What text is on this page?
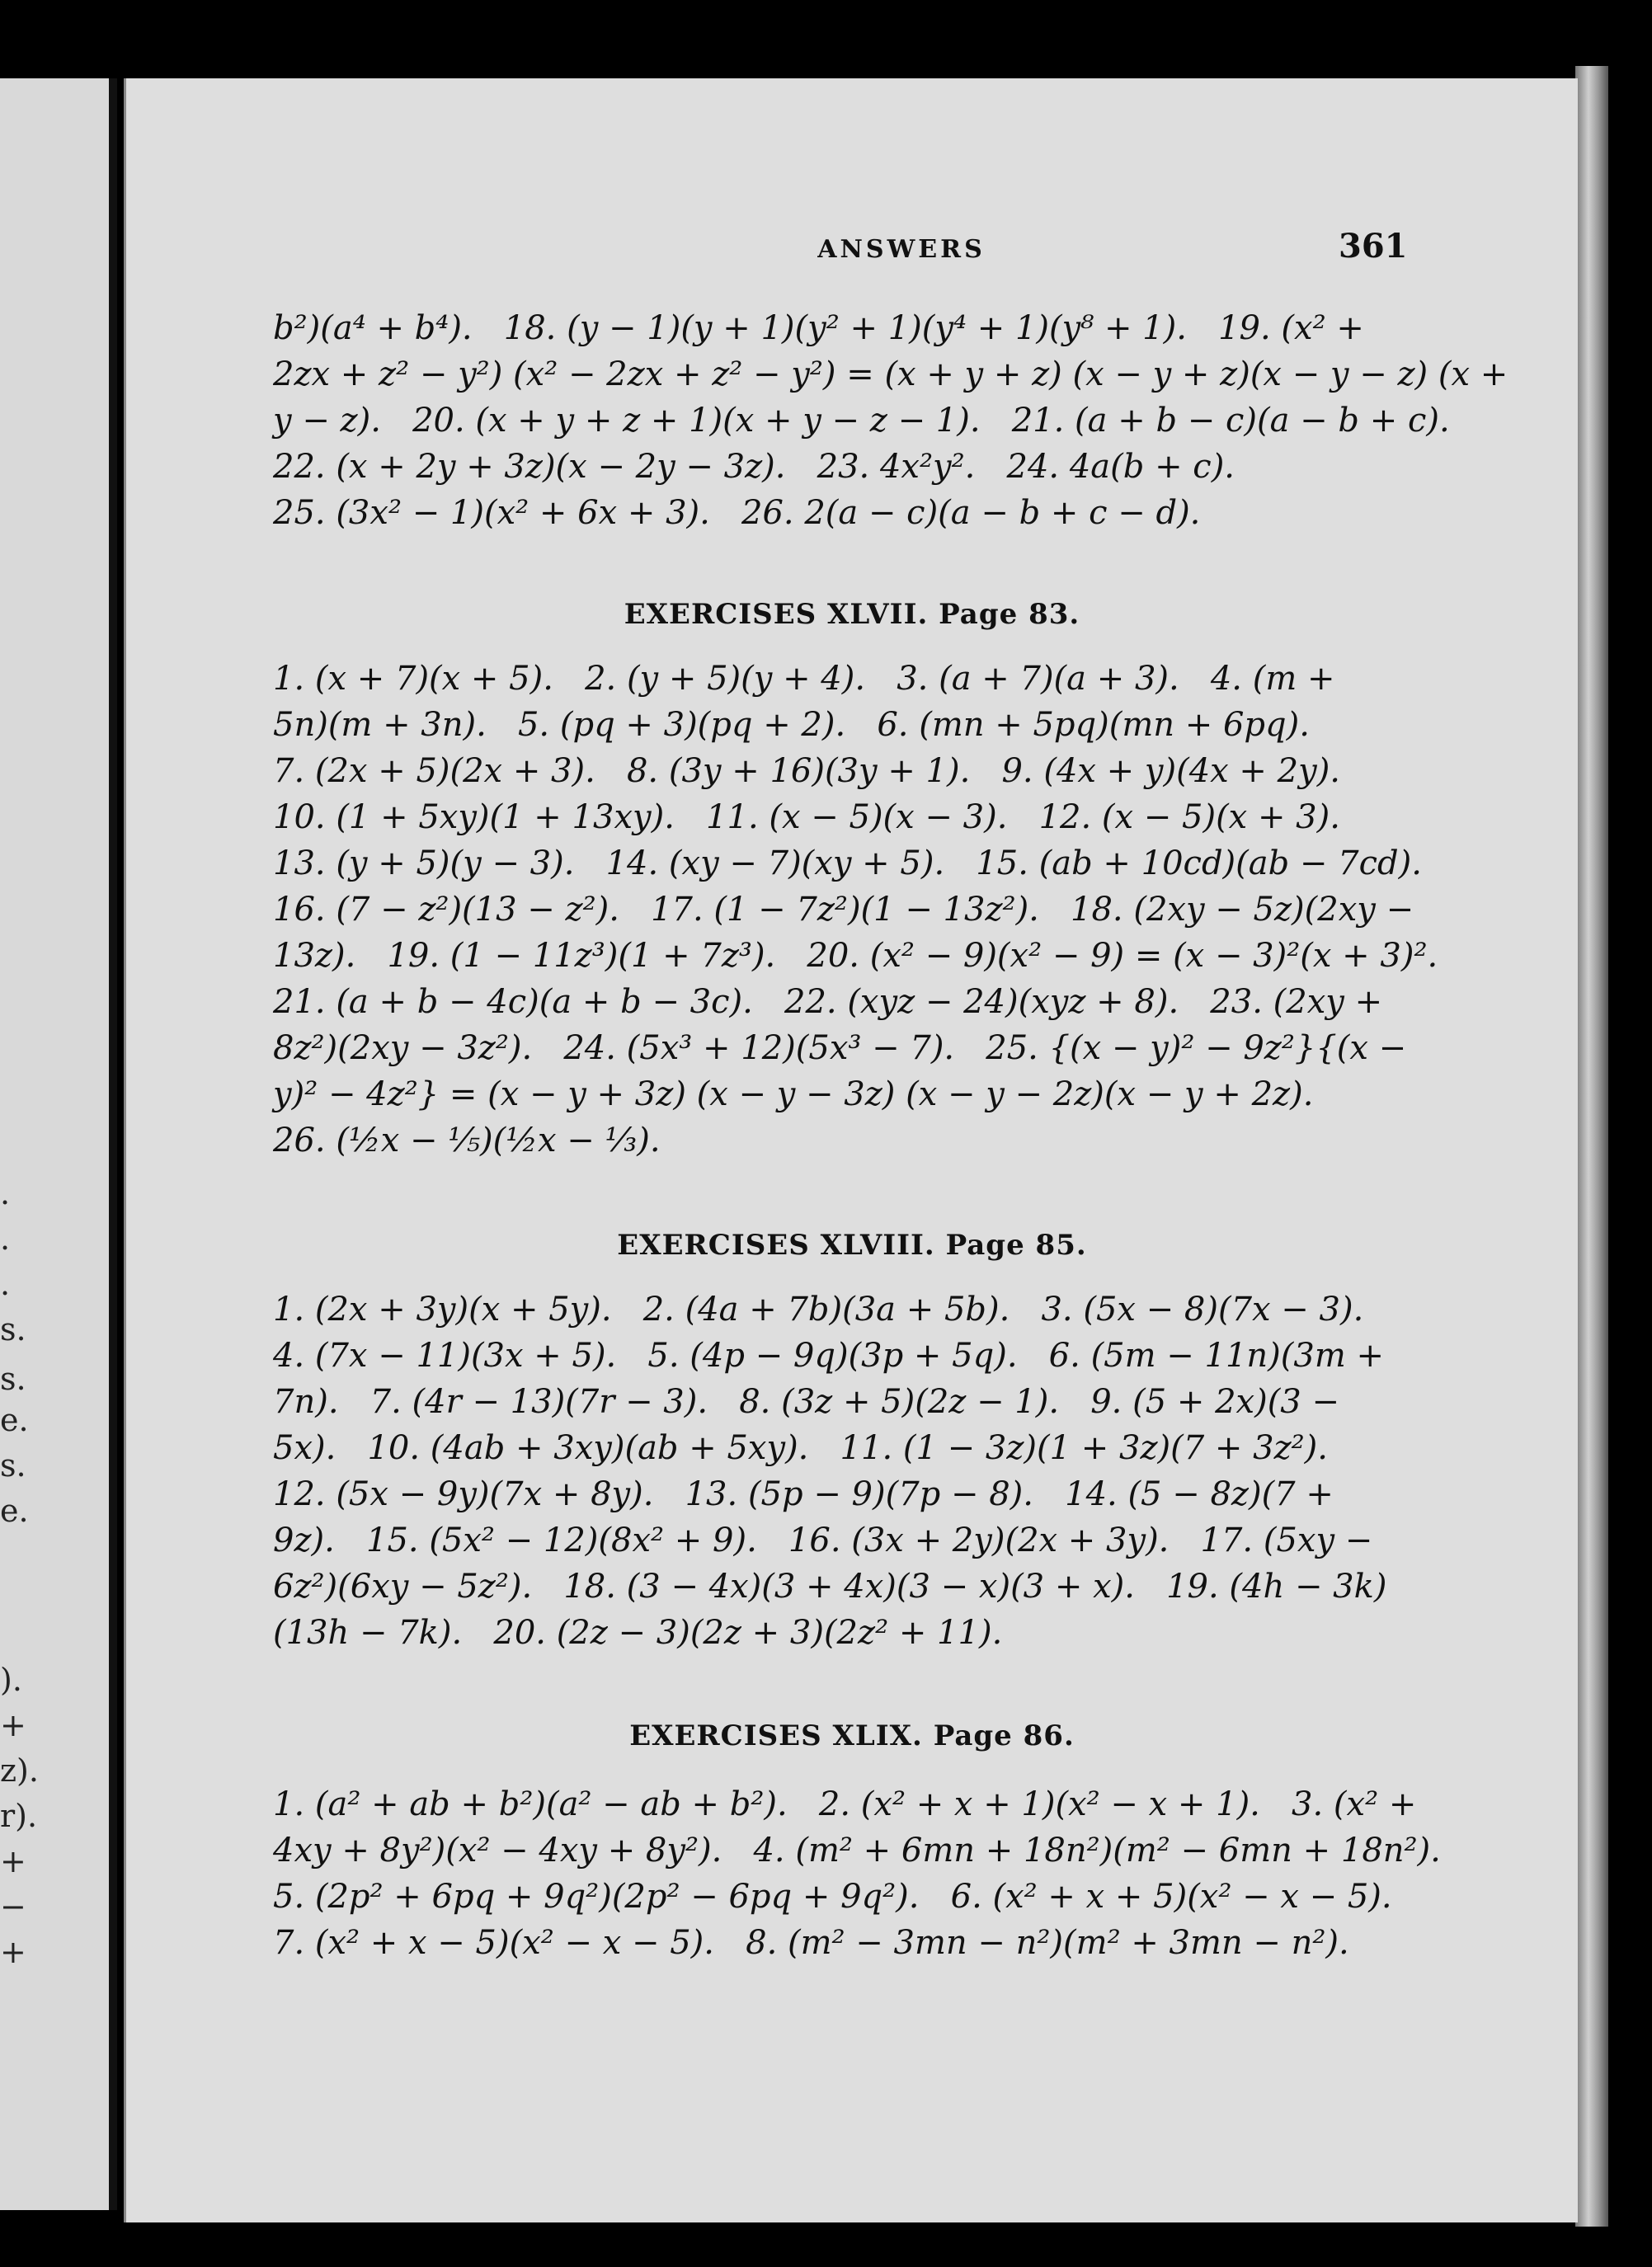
.
.
.
s.
s.
e.
s.
e.
).
+
z).
r).
+
−
+
ANSWERS	361
b²)(a⁴ + b⁴).   18. (y − 1)(y + 1)(y² + 1)(y⁴ + 1)(y⁸ + 1).   19. (x² +
2zx + z² − y²) (x² − 2zx + z² − y²) = (x + y + z) (x − y + z)(x − y − z) (x +
y − z).   20. (x + y + z + 1)(x + y − z − 1).   21. (a + b − c)(a − b + c).
22. (x + 2y + 3z)(x − 2y − 3z).   23. 4x²y².   24. 4a(b + c).
25. (3x² − 1)(x² + 6x + 3).   26. 2(a − c)(a − b + c − d).
EXERCISES XLVII. Page 83.
1. (x + 7)(x + 5).   2. (y + 5)(y + 4).   3. (a + 7)(a + 3).   4. (m +
5n)(m + 3n).   5. (pq + 3)(pq + 2).   6. (mn + 5pq)(mn + 6pq).
7. (2x + 5)(2x + 3).   8. (3y + 16)(3y + 1).   9. (4x + y)(4x + 2y).
10. (1 + 5xy)(1 + 13xy).   11. (x − 5)(x − 3).   12. (x − 5)(x + 3).
13. (y + 5)(y − 3).   14. (xy − 7)(xy + 5).   15. (ab + 10cd)(ab − 7cd).
16. (7 − z²)(13 − z²).   17. (1 − 7z²)(1 − 13z²).   18. (2xy − 5z)(2xy −
13z).   19. (1 − 11z³)(1 + 7z³).   20. (x² − 9)(x² − 9) = (x − 3)²(x + 3)².
21. (a + b − 4c)(a + b − 3c).   22. (xyz − 24)(xyz + 8).   23. (2xy +
8z²)(2xy − 3z²).   24. (5x³ + 12)(5x³ − 7).   25. {(x − y)² − 9z²}{(x −
y)² − 4z²} = (x − y + 3z) (x − y − 3z) (x − y − 2z)(x − y + 2z).
26. (½x − ⅕)(½x − ⅓).
EXERCISES XLVIII. Page 85.
1. (2x + 3y)(x + 5y).   2. (4a + 7b)(3a + 5b).   3. (5x − 8)(7x − 3).
4. (7x − 11)(3x + 5).   5. (4p − 9q)(3p + 5q).   6. (5m − 11n)(3m +
7n).   7. (4r − 13)(7r − 3).   8. (3z + 5)(2z − 1).   9. (5 + 2x)(3 −
5x).   10. (4ab + 3xy)(ab + 5xy).   11. (1 − 3z)(1 + 3z)(7 + 3z²).
12. (5x − 9y)(7x + 8y).   13. (5p − 9)(7p − 8).   14. (5 − 8z)(7 +
9z).   15. (5x² − 12)(8x² + 9).   16. (3x + 2y)(2x + 3y).   17. (5xy −
6z²)(6xy − 5z²).   18. (3 − 4x)(3 + 4x)(3 − x)(3 + x).   19. (4h − 3k)
(13h − 7k).   20. (2z − 3)(2z + 3)(2z² + 11).
EXERCISES XLIX. Page 86.
1. (a² + ab + b²)(a² − ab + b²).   2. (x² + x + 1)(x² − x + 1).   3. (x² +
4xy + 8y²)(x² − 4xy + 8y²).   4. (m² + 6mn + 18n²)(m² − 6mn + 18n²).
5. (2p² + 6pq + 9q²)(2p² − 6pq + 9q²).   6. (x² + x + 5)(x² − x − 5).
7. (x² + x − 5)(x² − x − 5).   8. (m² − 3mn − n²)(m² + 3mn − n²).
